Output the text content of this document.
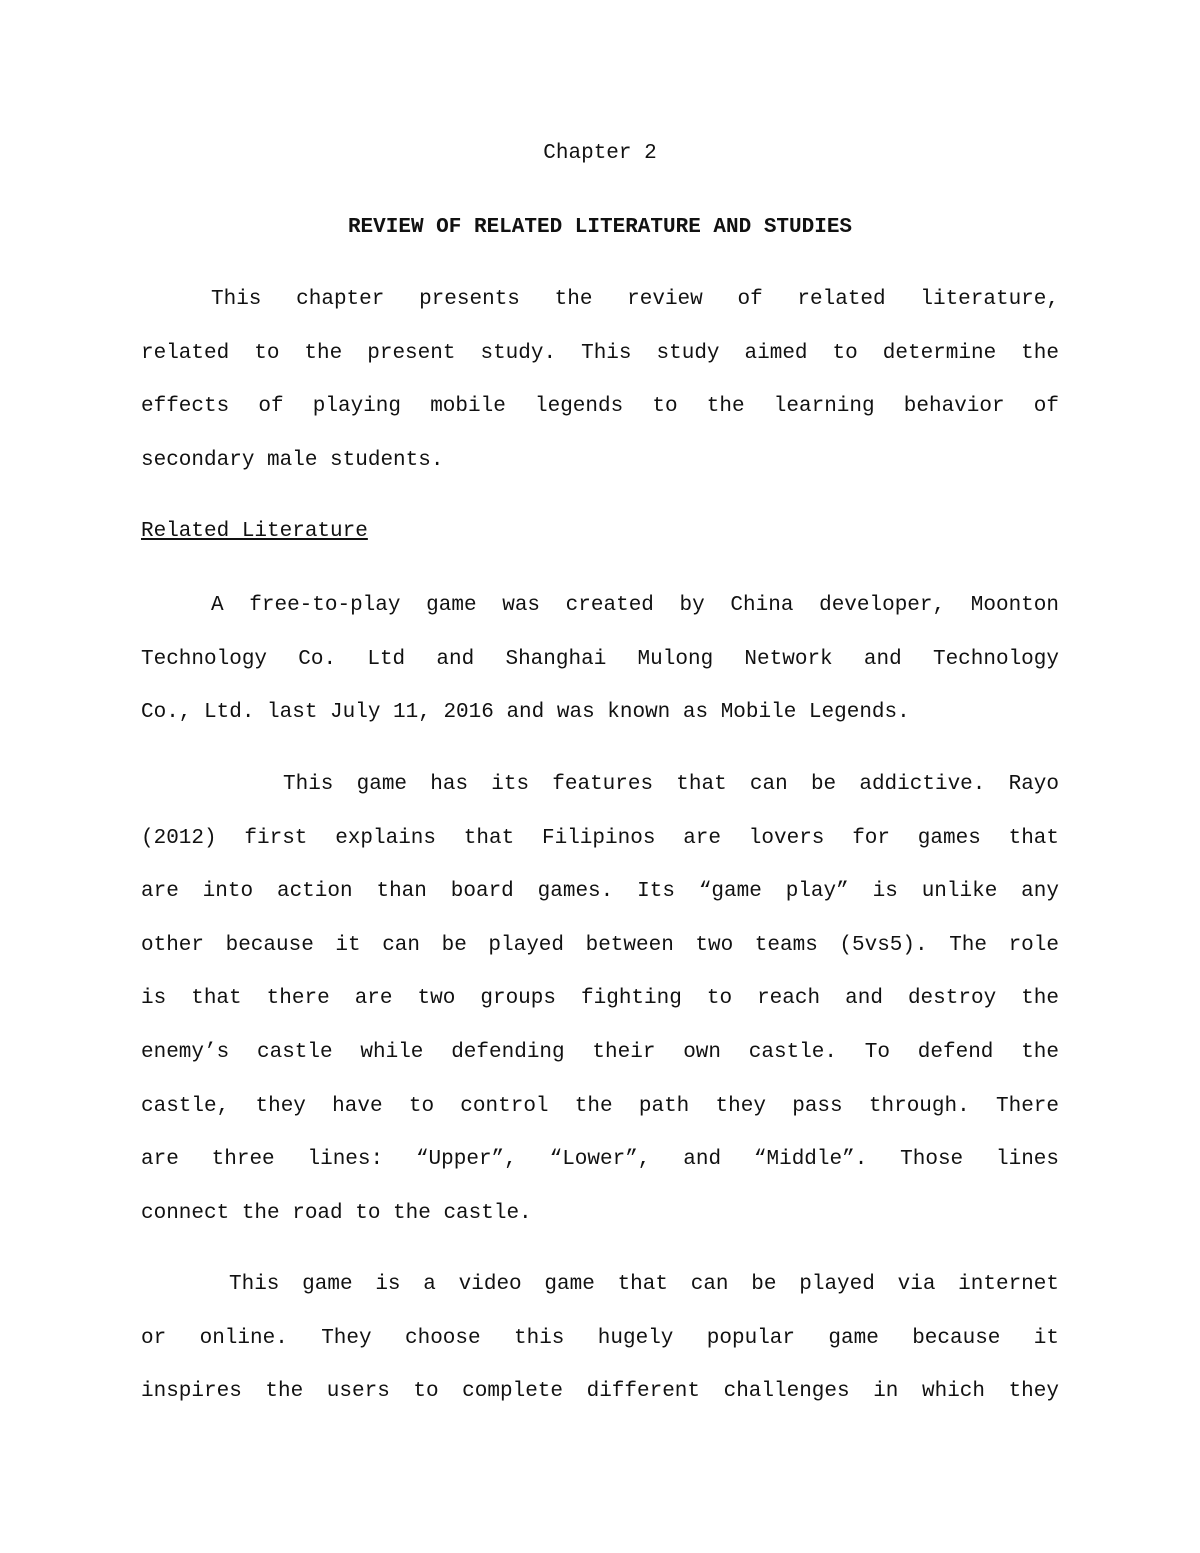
Chapter 2
REVIEW OF RELATED LITERATURE AND STUDIES
This chapter presents the review of related literature,
related to the present study. This study aimed to determine the
effects of playing mobile legends to the learning behavior of
secondary male students.
Related Literature
A free-to-play game was created by China developer, Moonton
Technology Co. Ltd and Shanghai Mulong Network and Technology
Co., Ltd. last July 11, 2016 and was known as Mobile Legends.
This game has its features that can be addictive. Rayo
(2012) first explains that Filipinos are lovers for games that
are into action than board games. Its “game play” is unlike any
other because it can be played between two teams (5vs5). The role
is that there are two groups fighting to reach and destroy the
enemy’s castle while defending their own castle. To defend the
castle, they have to control the path they pass through. There
are three lines: “Upper”, “Lower”, and “Middle”. Those lines
connect the road to the castle.
This game is a video game that can be played via internet
or online. They choose this hugely popular game because it
inspires the users to complete different challenges in which they
